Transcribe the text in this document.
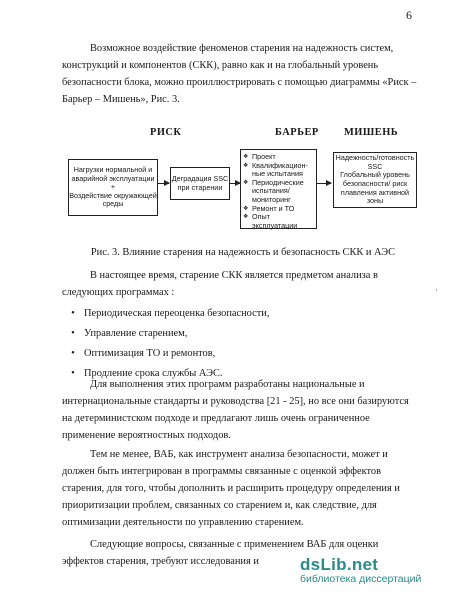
6
Возможное воздействие феноменов старения на надежность систем,
конструкций и компонентов (СКК), равно как и на глобальный уровень
безопасности блока, можно проиллюстрировать с помощью диаграммы «Риск –
Барьер – Мишень», Рис. 3.
РИСК	БАРЬЕР МИШЕНЬ
Нагрузки нормальной и
аварийной эксплуатации
+
Воздействие окружающей
среды
Деградация SSC
при старении
❖ Проект
❖ Квалификацион-
ные испытания
❖ Периодические
испытания/
мониторинг
❖ Ремонт и ТО
❖ Опыт
эксплуатации
Надежность/готовность
SSC
Глобальный уровень
безопасности/ риск
плавления активной зоны
Рис. 3. Влияние старения на надежность и безопасность СКК и АЭС
В настоящее время, старение СКК является предметом анализа в
следующих программах :	·
• Периодическая переоценка безопасности,
• Управление старением,
• Оптимизация ТО и ремонтов,
• Продление срока службы АЭС.
Для выполнения этих программ разработаны национальные и
интернациональные стандарты и руководства [21 - 25], но все они базируются
на детерминистском подходе и предлагают лишь очень ограниченное
применение вероятностных подходов.
Тем не менее, ВАБ, как инструмент анализа безопасности, может и
должен быть интегрирован в программы связанные с оценкой эффектов
старения, для того, чтобы дополнить и расширить процедуру определения и
приоритизации проблем, связанных со старением и, как следствие, для
оптимизации деятельности по управлению старением.
Следующие вопросы, связанные с применением ВАБ для оценки
эффектов старения, требуют исследования и	dsLib.net
библиотека диссертаций
